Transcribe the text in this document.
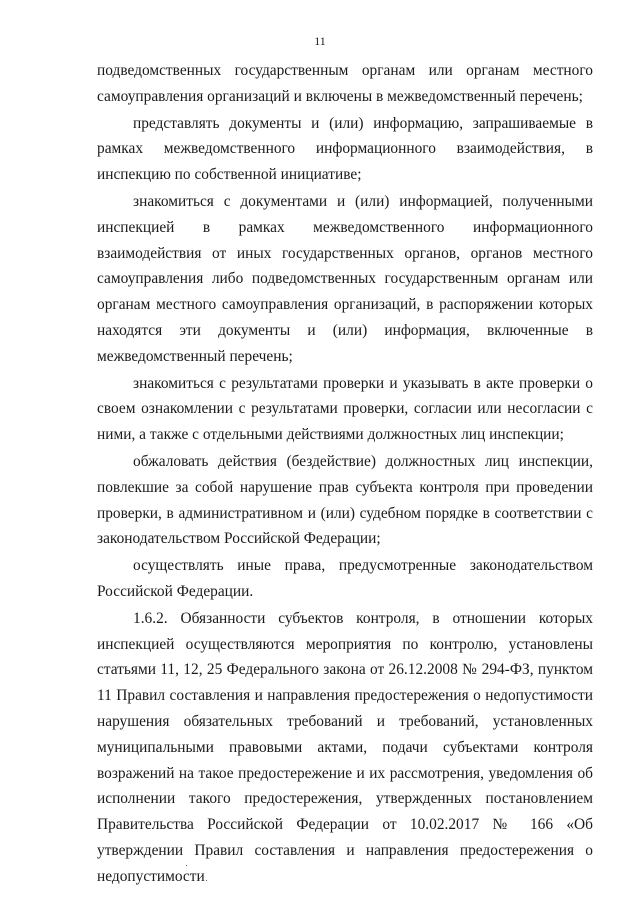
11

подведомственных государственным органам или органам местного самоуправления организаций и включены в межведомственный перечень;

представлять документы и (или) информацию, запрашиваемые в рамках межведомственного информационного взаимодействия, в инспекцию по собственной инициативе;

знакомиться с документами и (или) информацией, полученными инспекцией в рамках межведомственного информационного взаимодействия от иных государственных органов, органов местного самоуправления либо подведомственных государственным органам или органам местного самоуправления организаций, в распоряжении которых находятся эти документы и (или) информация, включенные в межведомственный перечень;

знакомиться с результатами проверки и указывать в акте проверки о своем ознакомлении с результатами проверки, согласии или несогласии с ними, а также с отдельными действиями должностных лиц инспекции;

обжаловать действия (бездействие) должностных лиц инспекции, повлекшие за собой нарушение прав субъекта контроля при проведении проверки, в административном и (или) судебном порядке в соответствии с законодательством Российской Федерации;

осуществлять иные права, предусмотренные законодательством Российской Федерации.

1.6.2. Обязанности субъектов контроля, в отношении которых инспекцией осуществляются мероприятия по контролю, установлены статьями 11, 12, 25 Федерального закона от 26.12.2008 № 294-ФЗ, пунктом 11 Правил составления и направления предостережения о недопустимости нарушения обязательных требований и требований, установленных муниципальными правовыми актами, подачи субъектами контроля возражений на такое предостережение и их рассмотрения, уведомления об исполнении такого предостережения, утвержденных постановлением Правительства Российской Федерации от 10.02.2017 № 166 «Об утверждении Правил составления и направления предостережения о недопустимости
